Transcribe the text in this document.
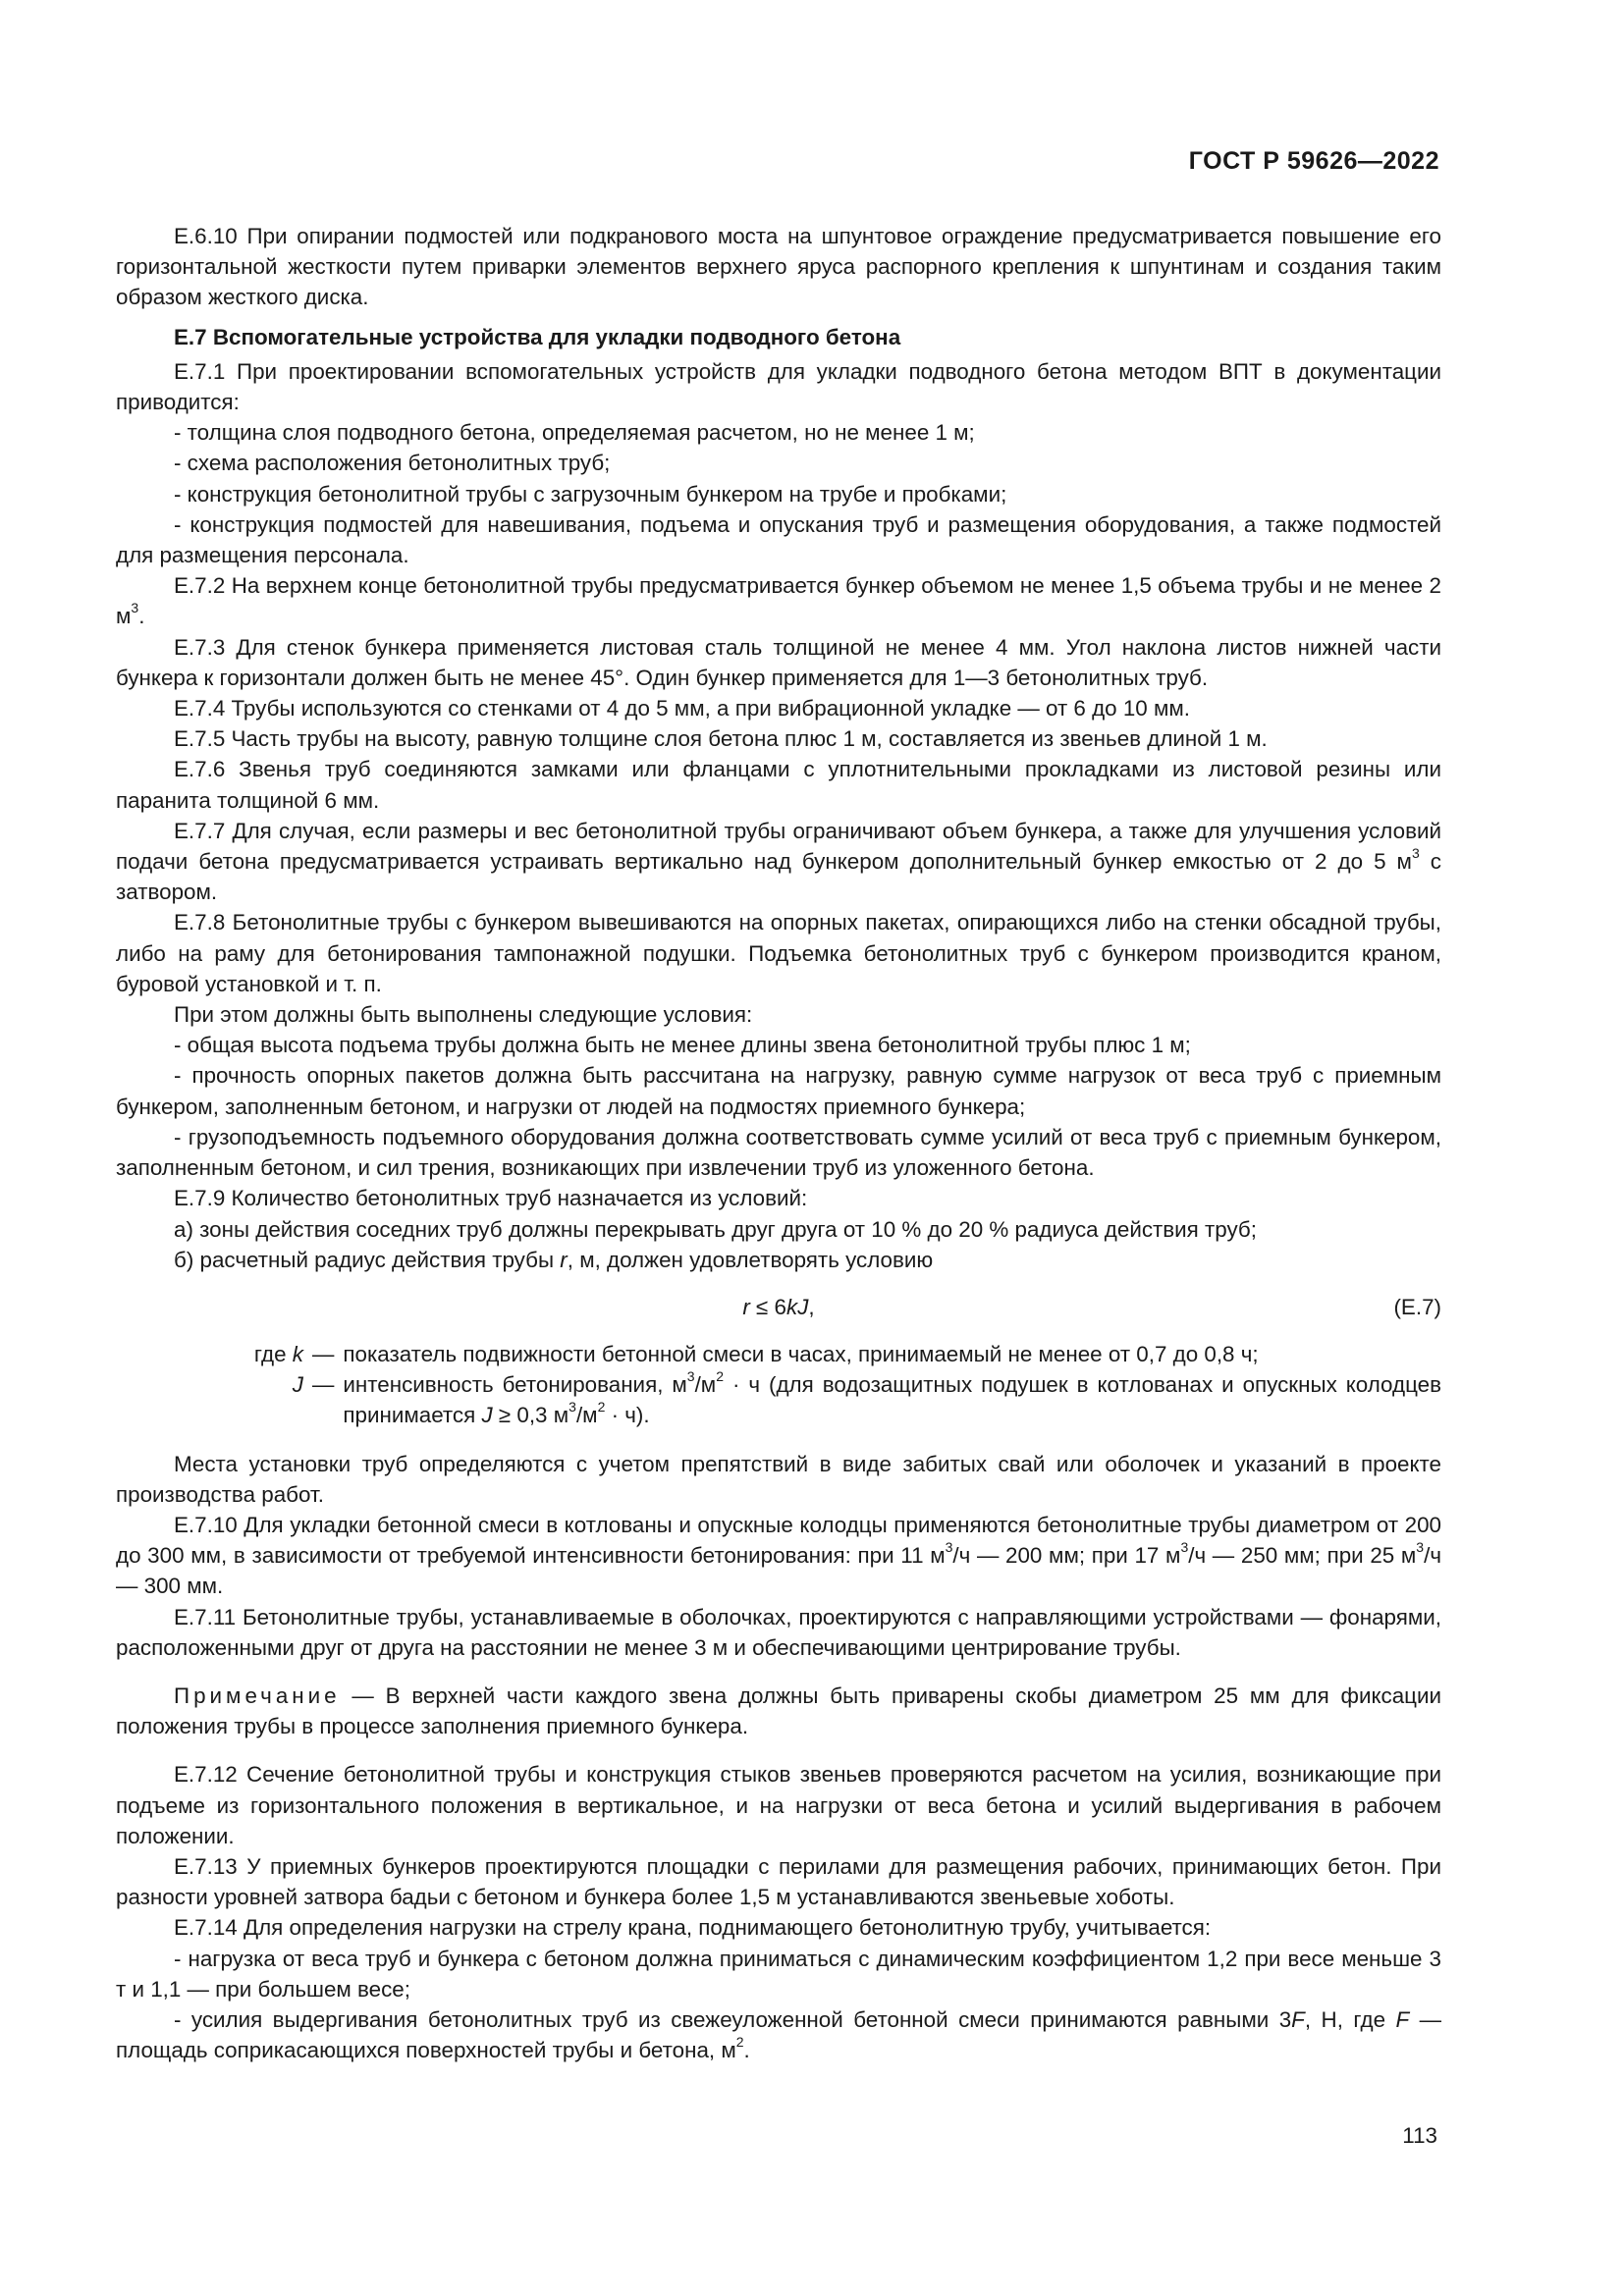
ГОСТ Р 59626—2022

E.6.10 При опирании подмостей или подкранового моста на шпунтовое ограждение предусматривается повышение его горизонтальной жесткости путем приварки элементов верхнего яруса распорного крепления к шпунтинам и создания таким образом жесткого диска.

E.7 Вспомогательные устройства для укладки подводного бетона

E.7.1 При проектировании вспомогательных устройств для укладки подводного бетона методом ВПТ в документации приводится:

- толщина слоя подводного бетона, определяемая расчетом, но не менее 1 м;

- схема расположения бетонолитных труб;

- конструкция бетонолитной трубы с загрузочным бункером на трубе и пробками;

- конструкция подмостей для навешивания, подъема и опускания труб и размещения оборудования, а также подмостей для размещения персонала.

E.7.2 На верхнем конце бетонолитной трубы предусматривается бункер объемом не менее 1,5 объема трубы и не менее 2 $м^3$.

E.7.3 Для стенок бункера применяется листовая сталь толщиной не менее 4 мм. Угол наклона листов нижней части бункера к горизонтали должен быть не менее 45°. Один бункер применяется для 1—3 бетонолитных труб.

E.7.4 Трубы используются со стенками от 4 до 5 мм, а при вибрационной укладке — от 6 до 10 мм.

E.7.5 Часть трубы на высоту, равную толщине слоя бетона плюс 1 м, составляется из звеньев длиной 1 м.

E.7.6 Звенья труб соединяются замками или фланцами с уплотнительными прокладками из листовой резины или паранита толщиной 6 мм.

E.7.7 Для случая, если размеры и вес бетонолитной трубы ограничивают объем бункера, а также для улучшения условий подачи бетона предусматривается устраивать вертикально над бункером дополнительный бункер емкостью от 2 до 5 $м^3$ с затвором.

E.7.8 Бетонолитные трубы с бункером вывешиваются на опорных пакетах, опирающихся либо на стенки обсадной трубы, либо на раму для бетонирования тампонажной подушки. Подъемка бетонолитных труб с бункером производится краном, буровой установкой и т. п.

При этом должны быть выполнены следующие условия:

- общая высота подъема трубы должна быть не менее длины звена бетонолитной трубы плюс 1 м;

- прочность опорных пакетов должна быть рассчитана на нагрузку, равную сумме нагрузок от веса труб с приемным бункером, заполненным бетоном, и нагрузки от людей на подмостях приемного бункера;

- грузоподъемность подъемного оборудования должна соответствовать сумме усилий от веса труб с приемным бункером, заполненным бетоном, и сил трения, возникающих при извлечении труб из уложенного бетона.

E.7.9 Количество бетонолитных труб назначается из условий:

а) зоны действия соседних труб должны перекрывать друг друга от 10 % до 20 % радиуса действия труб;

б) расчетный радиус действия трубы r, м, должен удовлетворять условию

r ≤ 6kJ,	(E.7)
где k — показатель подвижности бетонной смеси в часах, принимаемый не менее от 0,7 до 0,8 ч;
J — интенсивность бетонирования, $м^3/м^2 \cdot ч$ (для водозащитных подушек в котлованах и опускных колодцев принимается J ≥ 0,3 $м^3/м^2 \cdot ч$).

Места установки труб определяются с учетом препятствий в виде забитых свай или оболочек и указаний в проекте производства работ.

E.7.10 Для укладки бетонной смеси в котлованы и опускные колодцы применяются бетонолитные трубы диаметром от 200 до 300 мм, в зависимости от требуемой интенсивности бетонирования: при 11 $м^3/ч$ — 200 мм; при 17 $м^3/ч$ — 250 мм; при 25 $м^3/ч$ — 300 мм.

E.7.11 Бетонолитные трубы, устанавливаемые в оболочках, проектируются с направляющими устройствами — фонарями, расположенными друг от друга на расстоянии не менее 3 м и обеспечивающими центрирование трубы.

Примечание — В верхней части каждого звена должны быть приварены скобы диаметром 25 мм для фиксации положения трубы в процессе заполнения приемного бункера.

E.7.12 Сечение бетонолитной трубы и конструкция стыков звеньев проверяются расчетом на усилия, возникающие при подъеме из горизонтального положения в вертикальное, и на нагрузки от веса бетона и усилий выдергивания в рабочем положении.

E.7.13 У приемных бункеров проектируются площадки с перилами для размещения рабочих, принимающих бетон. При разности уровней затвора бадьи с бетоном и бункера более 1,5 м устанавливаются звеньевые хоботы.

E.7.14 Для определения нагрузки на стрелу крана, поднимающего бетонолитную трубу, учитывается:

- нагрузка от веса труб и бункера с бетоном должна приниматься с динамическим коэффициентом 1,2 при весе меньше 3 т и 1,1 — при большем весе;

- усилия выдергивания бетонолитных труб из свежеуложенной бетонной смеси принимаются равными 3F, Н, где F — площадь соприкасающихся поверхностей трубы и бетона, $м^2$.

113
